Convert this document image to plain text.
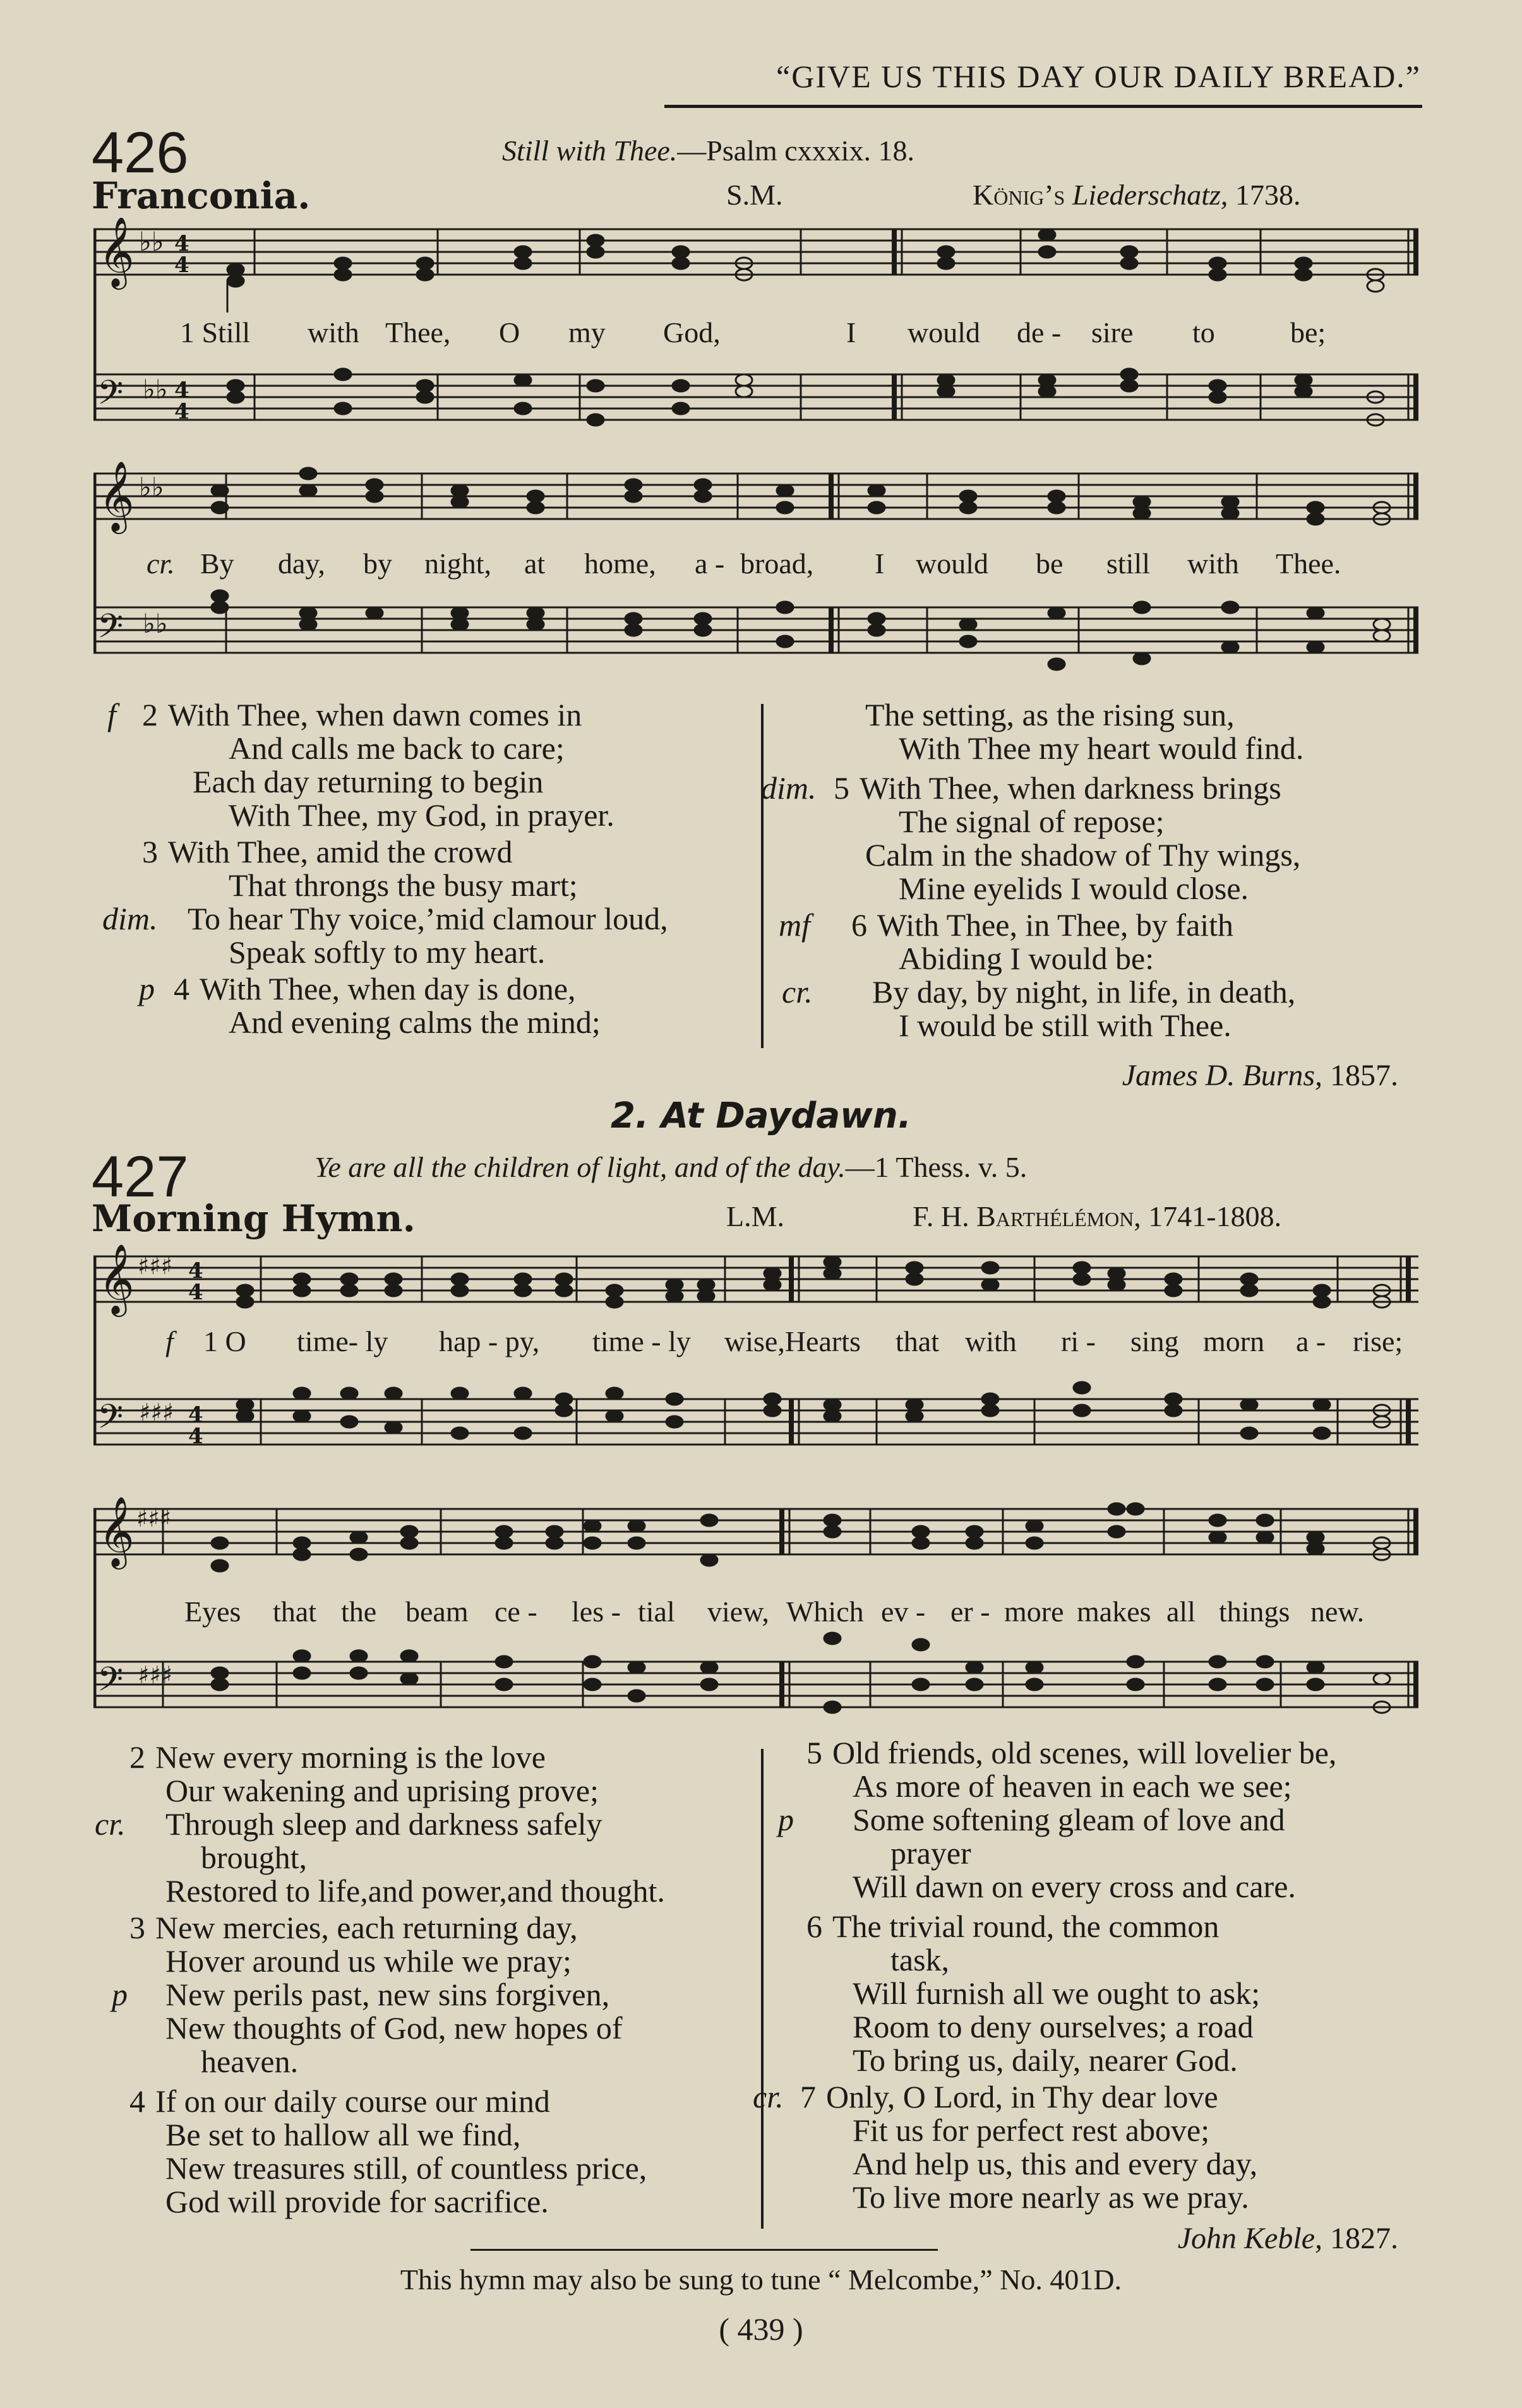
“GIVE US THIS DAY OUR DAILY BREAD.”
426	Still with Thee.—Psalm cxxxix. 18.
Franconia.	S.M.	König’s Liederschatz, 1738.
𝄞
𝄢
♭♭
♭♭
4
4
4
4
1 Still with Thee, O my God,	I would de - sire to	be;
𝄞
𝄢
♭♭
♭♭
cr. By day, by night, at home, a - broad, I would be still with Thee.
f 2 With Thee, when dawn comes in
And calls me back to care;
Each day returning to begin
With Thee, my God, in prayer.
3 With Thee, amid the crowd
That throngs the busy mart;
dim. To hear Thy voice,’mid clamour loud,
Speak softly to my heart.
p 4 With Thee, when day is done,
And evening calms the mind;
The setting, as the rising sun,
With Thee my heart would find.
dim. 5 With Thee, when darkness brings
The signal of repose;
Calm in the shadow of Thy wings,
Mine eyelids I would close.
mf 6 With Thee, in Thee, by faith
Abiding I would be:
cr. By day, by night, in life, in death,
I would be still with Thee.
James D. Burns, 1857.
2. At Daydawn.
427	Ye are all the children of light, and of the day.—1 Thess. v. 5.
Morning Hymn.	L.M.	F. H. Barthélémon, 1741-1808.
𝄞
𝄢
♯♯♯
♯♯♯
4
4
4
4
f 1 O time- ly hap - py, time - ly wise,Hearts that with ri - sing morn a - rise;
𝄞
𝄢
♯♯♯
♯♯♯
Eyes that the beam ce - les - tial view, Which ev - er - more makes all things new.
2 New every morning is the love
Our wakening and uprising prove;
cr. Through sleep and darkness safely
brought,
Restored to life,and power,and thought.
3 New mercies, each returning day,
Hover around us while we pray;
p New perils past, new sins forgiven,
New thoughts of God, new hopes of
heaven.
4 If on our daily course our mind
Be set to hallow all we find,
New treasures still, of countless price,
God will provide for sacrifice.
5 Old friends, old scenes, will lovelier be,
As more of heaven in each we see;
p Some softening gleam of love and
prayer
Will dawn on every cross and care.
6 The trivial round, the common
task,
Will furnish all we ought to ask;
Room to deny ourselves; a road
To bring us, daily, nearer God.
cr. 7 Only, O Lord, in Thy dear love
Fit us for perfect rest above;
And help us, this and every day,
To live more nearly as we pray.
John Keble, 1827.
This hymn may also be sung to tune “ Melcombe,” No. 401D.
( 439 )
